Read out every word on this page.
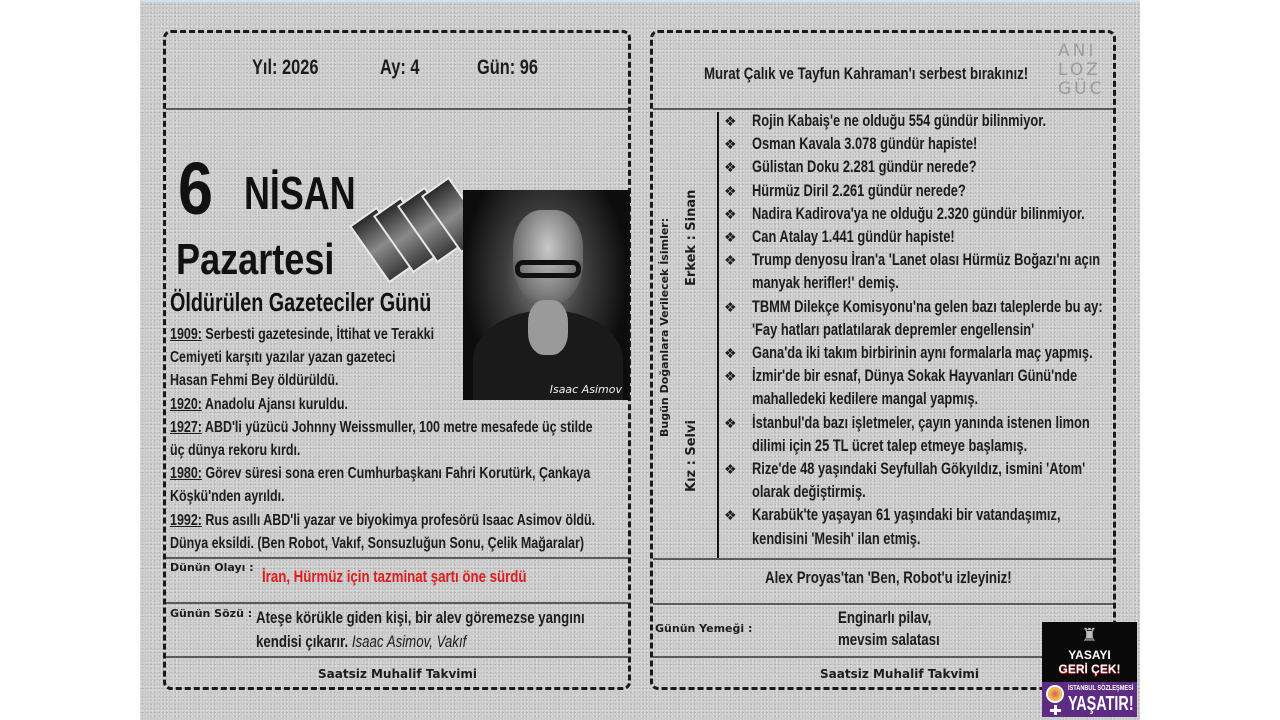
Yıl: 2026	Ay: 4	Gün: 96
6 NİSAN
Pazartesi
Öldürülen Gazeteciler Günü
Isaac Asimov
1909: Serbesti gazetesinde, İttihat ve Terakki
Cemiyeti karşıtı yazılar yazan gazeteci
Hasan Fehmi Bey öldürüldü.
1920: Anadolu Ajansı kuruldu.
1927: ABD'li yüzücü Johnny Weissmuller, 100 metre mesafede üç stilde
üç dünya rekoru kırdı.
1980: Görev süresi sona eren Cumhurbaşkanı Fahri Korutürk, Çankaya
Köşkü'nden ayrıldı.
1992: Rus asıllı ABD'li yazar ve biyokimya profesörü Isaac Asimov öldü.
Dünya eksildi. (Ben Robot, Vakıf, Sonsuzluğun Sonu, Çelik Mağaralar)
Dünün Olayı : İran, Hürmüz için tazminat şartı öne sürdü
Günün Sözü : Ateşe körükle giden kişi, bir alev göremezse yangını
kendisi çıkarır. Isaac Asimov, Vakıf
Saatsiz Muhalif Takvimi
Murat Çalık ve Tayfun Kahraman'ı serbest bırakınız!
ANI
LOZ
GÜC
Bugün Doğanlara Verilecek İsimler: Erkek : Sinan
Kız : Selvi
❖ Rojin Kabaiş'e ne olduğu 554 gündür bilinmiyor.
❖ Osman Kavala 3.078 gündür hapiste!
❖ Gülistan Doku 2.281 gündür nerede?
❖ Hürmüz Diril 2.261 gündür nerede?
❖ Nadira Kadirova'ya ne olduğu 2.320 gündür bilinmiyor.
❖ Can Atalay 1.441 gündür hapiste!
❖ Trump denyosu İran'a 'Lanet olası Hürmüz Boğazı'nı açın
manyak herifler!' demiş.
❖ TBMM Dilekçe Komisyonu'na gelen bazı taleplerde bu ay:
'Fay hatları patlatılarak depremler engellensin'
❖ Gana'da iki takım birbirinin aynı formalarla maç yapmış.
❖ İzmir'de bir esnaf, Dünya Sokak Hayvanları Günü'nde
mahalledeki kedilere mangal yapmış.
❖ İstanbul'da bazı işletmeler, çayın yanında istenen limon
dilimi için 25 TL ücret talep etmeye başlamış.
❖ Rize'de 48 yaşındaki Seyfullah Gökyıldız, ismini 'Atom'
olarak değiştirmiş.
❖ Karabük'te yaşayan 61 yaşındaki bir vatandaşımız,
kendisini 'Mesih' ilan etmiş.
Alex Proyas'tan 'Ben, Robot'u izleyiniz!
Günün Yemeği :
Enginarlı pilav,
mevsim salatası
Saatsiz Muhalif Takvimi
♜
YASAYI
GERİ ÇEK!
İSTANBUL SÖZLEŞMESİ
YAŞATIR!
